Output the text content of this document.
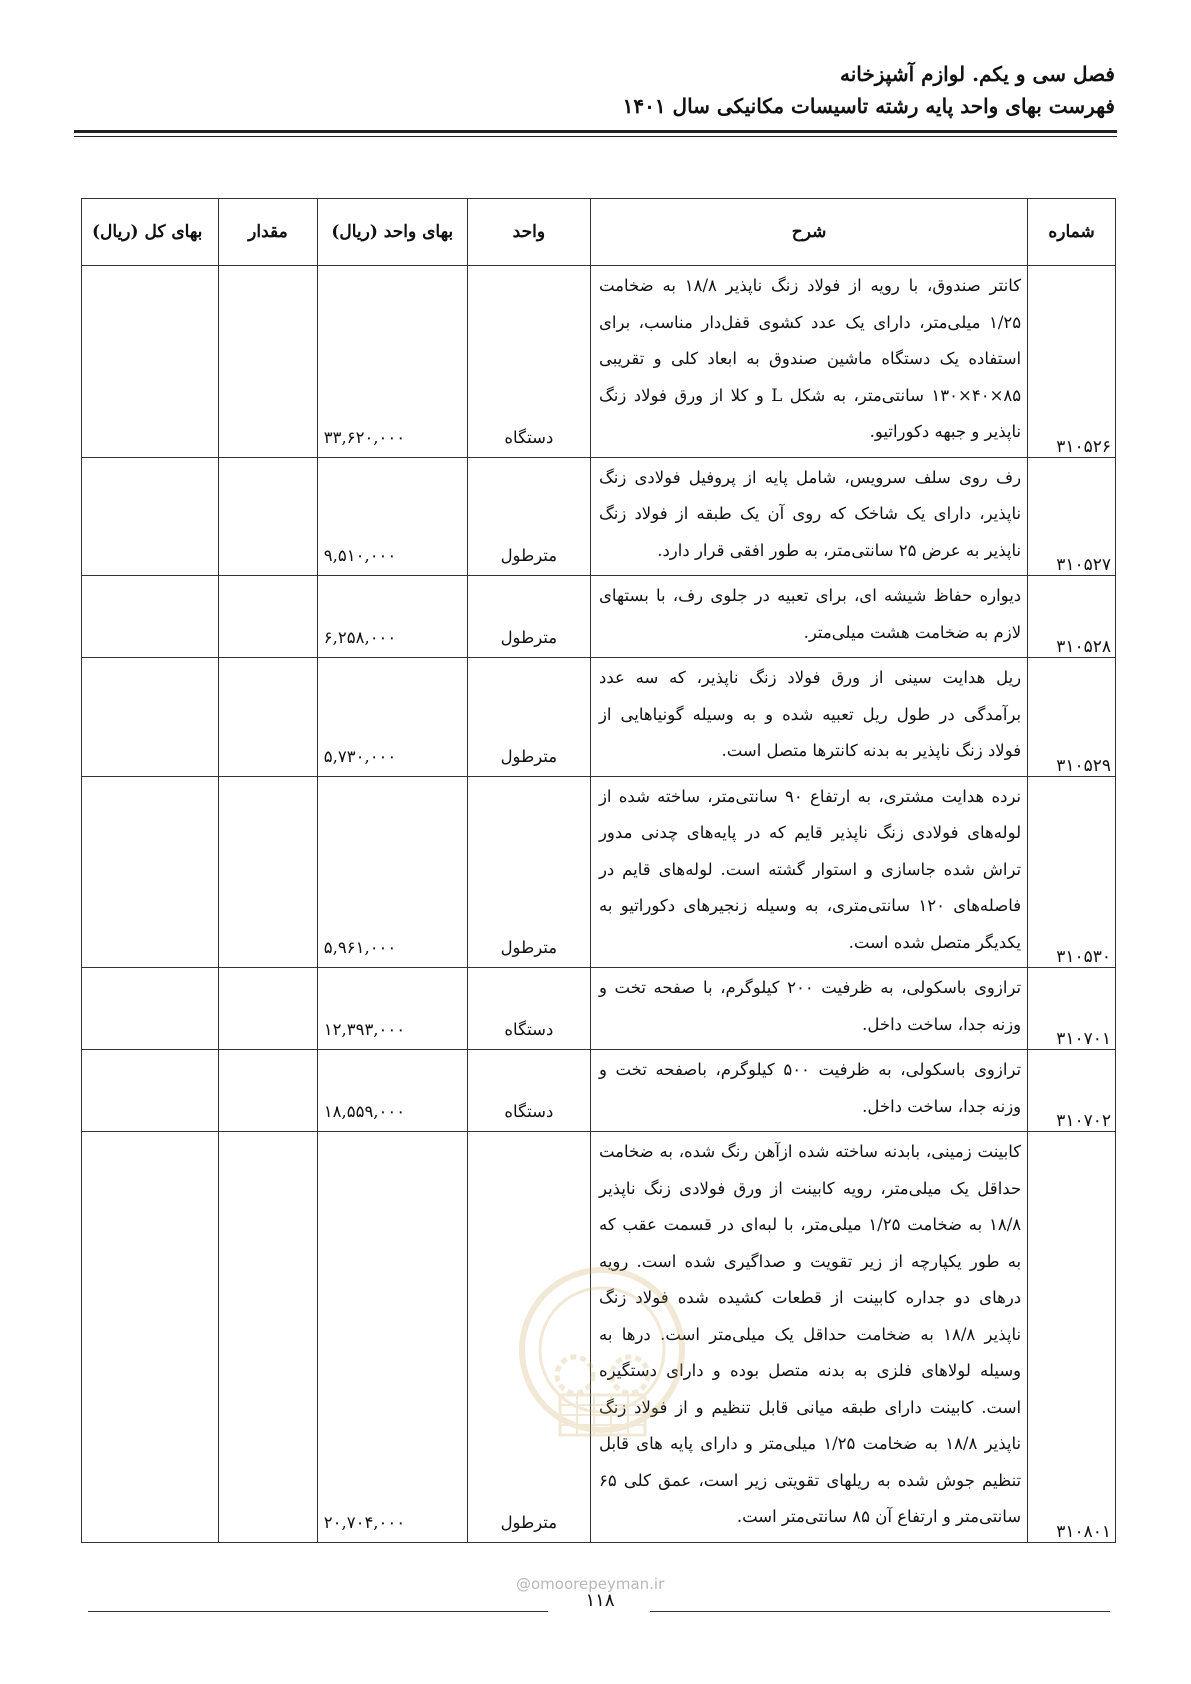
فصل سی و یکم. لوازم آشپزخانه
فهرست بهای واحد پایه رشته تاسیسات مکانیکی سال ۱۴۰۱
شماره	شرح	واحد	بهای واحد (ریال)	مقدار	بهای کل (ریال)
۳۱۰۵۲۶	کانتر صندوق، با رویه از فولاد زنگ ناپذیر ۱۸/۸ به ضخامت ۱/۲۵ میلی‌متر، دارای یک عدد کشوی قفل‌دار مناسب، برای استفاده یک دستگاه ماشین صندوق به ابعاد کلی و تقریبی ۸۵×۴۰×۱۳۰ سانتی‌متر، به شکل L و کلا از ورق فولاد زنگ ناپذیر و جبهه دکوراتیو.	دستگاه	۳۳,۶۲۰,۰۰۰		
۳۱۰۵۲۷	رف روی سلف سرویس، شامل پایه از پروفیل فولادی زنگ ناپذیر، دارای یک شاخک که روی آن یک طبقه از فولاد زنگ ناپذیر به عرض ۲۵ سانتی‌متر، به طور افقی قرار دارد.	مترطول	۹,۵۱۰,۰۰۰		
۳۱۰۵۲۸	دیواره حفاظ شیشه ای، برای تعبیه در جلوی رف، با بستهای لازم به ضخامت هشت میلی‌متر.	مترطول	۶,۲۵۸,۰۰۰		
۳۱۰۵۲۹	ریل هدایت سینی از ورق فولاد زنگ ناپذیر، که سه عدد برآمدگی در طول ریل تعبیه شده و به وسیله گونیاهایی از فولاد زنگ ناپذیر به بدنه کانترها متصل است.	مترطول	۵,۷۳۰,۰۰۰		
۳۱۰۵۳۰	نرده هدایت مشتری، به ارتفاع ۹۰ سانتی‌متر، ساخته شده از لوله‌های فولادی زنگ ناپذیر قایم که در پایه‌های چدنی مدور تراش شده جاسازی و استوار گشته است. لوله‌های قایم در فاصله‌های ۱۲۰ سانتی‌متری، به وسیله زنجیرهای دکوراتیو به یکدیگر متصل شده است.	مترطول	۵,۹۶۱,۰۰۰		
۳۱۰۷۰۱	ترازوی باسکولی، به ظرفیت ۲۰۰ کیلوگرم، با صفحه تخت و وزنه جدا، ساخت داخل.	دستگاه	۱۲,۳۹۳,۰۰۰		
۳۱۰۷۰۲	ترازوی باسکولی، به ظرفیت ۵۰۰ کیلوگرم، باصفحه تخت و وزنه جدا، ساخت داخل.	دستگاه	۱۸,۵۵۹,۰۰۰		
۳۱۰۸۰۱	کابینت زمینی، بابدنه ساخته شده ازآهن رنگ شده، به ضخامت حداقل یک میلی‌متر، رویه کابینت از ورق فولادی زنگ ناپذیر ۱۸/۸ به ضخامت ۱/۲۵ میلی‌متر، با لبه‌ای در قسمت عقب که به طور یکپارچه از زیر تقویت و صداگیری شده است. رویه درهای دو جداره کابینت از قطعات کشیده شده فولاد زنگ ناپذیر ۱۸/۸ به ضخامت حداقل یک میلی‌متر است. درها به وسیله لولاهای فلزی به بدنه متصل بوده و دارای دستگیره است. کابینت دارای طبقه میانی قابل تنظیم و از فولاد زنگ ناپذیر ۱۸/۸ به ضخامت ۱/۲۵ میلی‌متر و دارای پایه های قابل تنظیم جوش شده به ریلهای تقویتی زیر است، عمق کلی ۶۵ سانتی‌متر و ارتفاع آن ۸۵ سانتی‌متر است.	مترطول	۲۰,۷۰۴,۰۰۰		
@omoorepeyman.ir
۱۱۸
